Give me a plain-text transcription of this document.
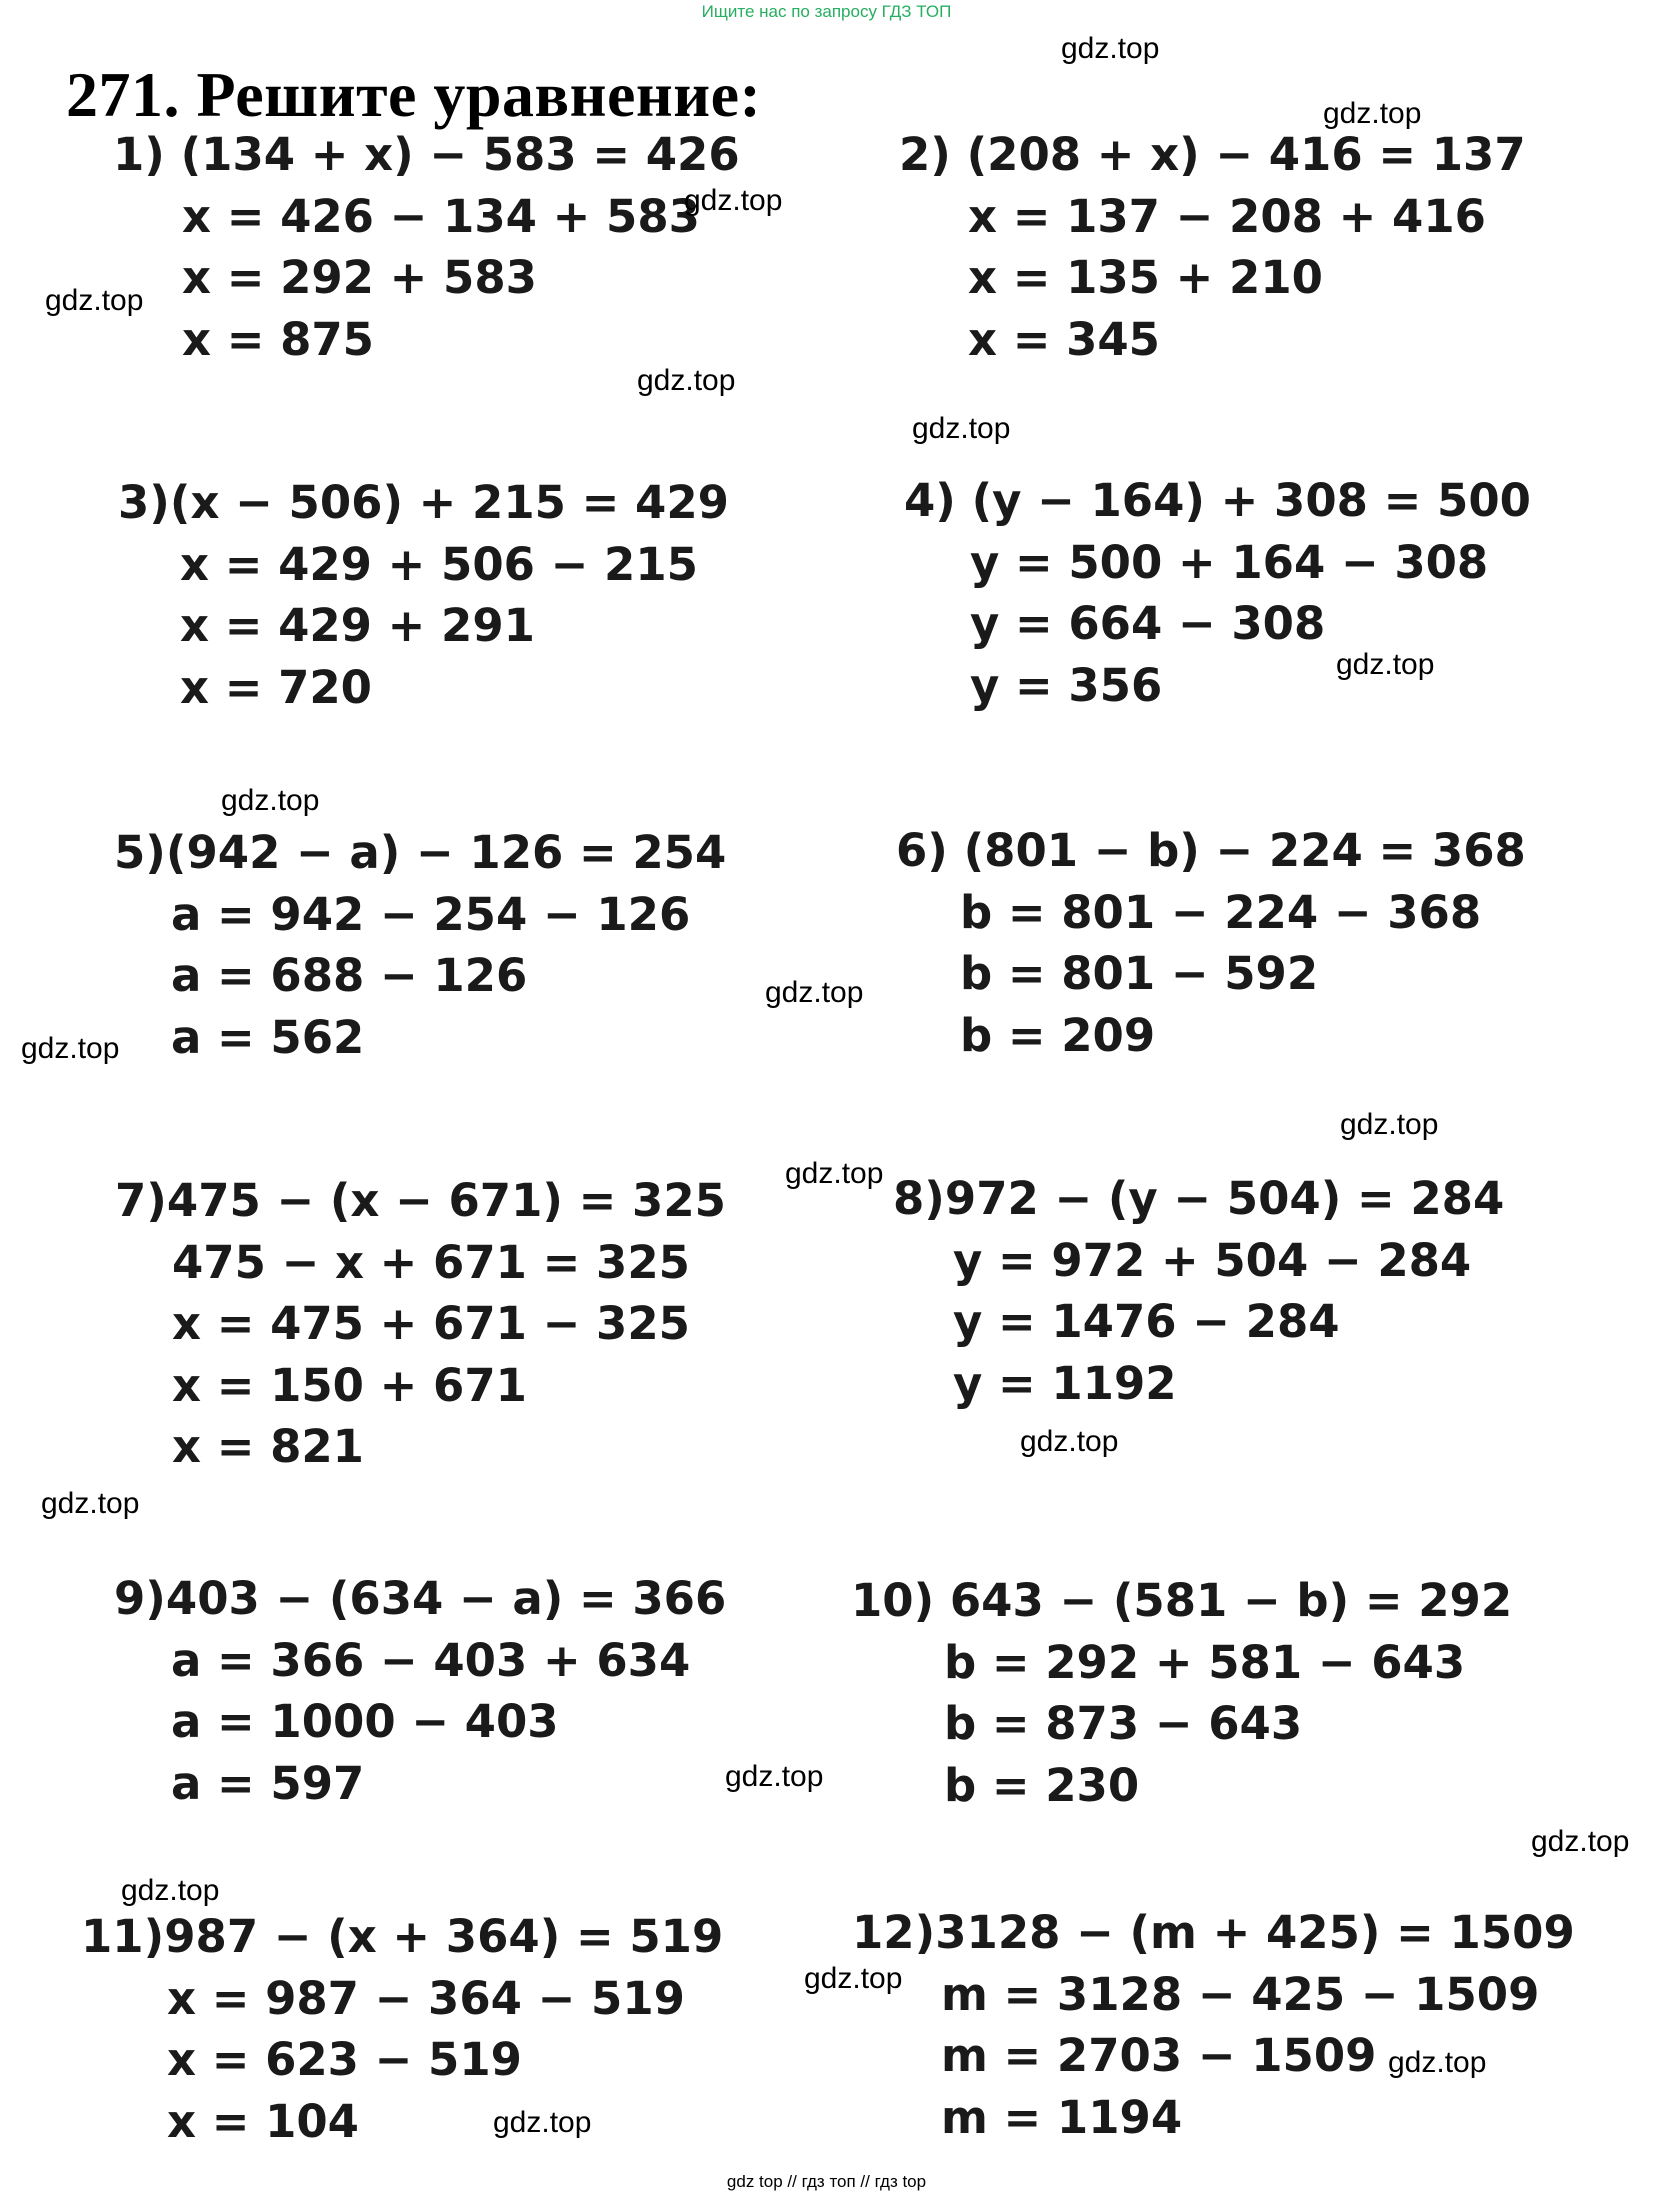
Ищите нас по запросу ГДЗ ТОП
271. Решите уравнение:
1) (134 + x) − 583 = 426
x = 426 − 134 + 583
x = 292 + 583
x = 875
2) (208 + x) − 416 = 137
x = 137 − 208 + 416
x = 135 + 210
x = 345
3)(x − 506) + 215 = 429
x = 429 + 506 − 215
x = 429 + 291
x = 720
4) (y − 164) + 308 = 500
y = 500 + 164 − 308
y = 664 − 308
y = 356
5)(942 − a) − 126 = 254
a = 942 − 254 − 126
a = 688 − 126
a = 562
6) (801 − b) − 224 = 368
b = 801 − 224 − 368
b = 801 − 592
b = 209
7)475 − (x − 671) = 325
475 − x + 671 = 325
x = 475 + 671 − 325
x = 150 + 671
x = 821
8)972 − (y − 504) = 284
y = 972 + 504 − 284
y = 1476 − 284
y = 1192
9)403 − (634 − a) = 366
a = 366 − 403 + 634
a = 1000 − 403
a = 597
10) 643 − (581 − b) = 292
b = 292 + 581 − 643
b = 873 − 643
b = 230
11)987 − (x + 364) = 519
x = 987 − 364 − 519
x = 623 − 519
x = 104
12)3128 − (m + 425) = 1509
m = 3128 − 425 − 1509
m = 2703 − 1509
m = 1194
gdz.top
gdz.top
gdz.top
gdz.top
gdz.top
gdz.top
gdz.top
gdz.top
gdz.top
gdz.top
gdz.top
gdz.top
gdz.top
gdz.top
gdz.top
gdz.top
gdz.top
gdz.top
gdz.top
gdz.top
gdz top // гдз топ // гдз top
